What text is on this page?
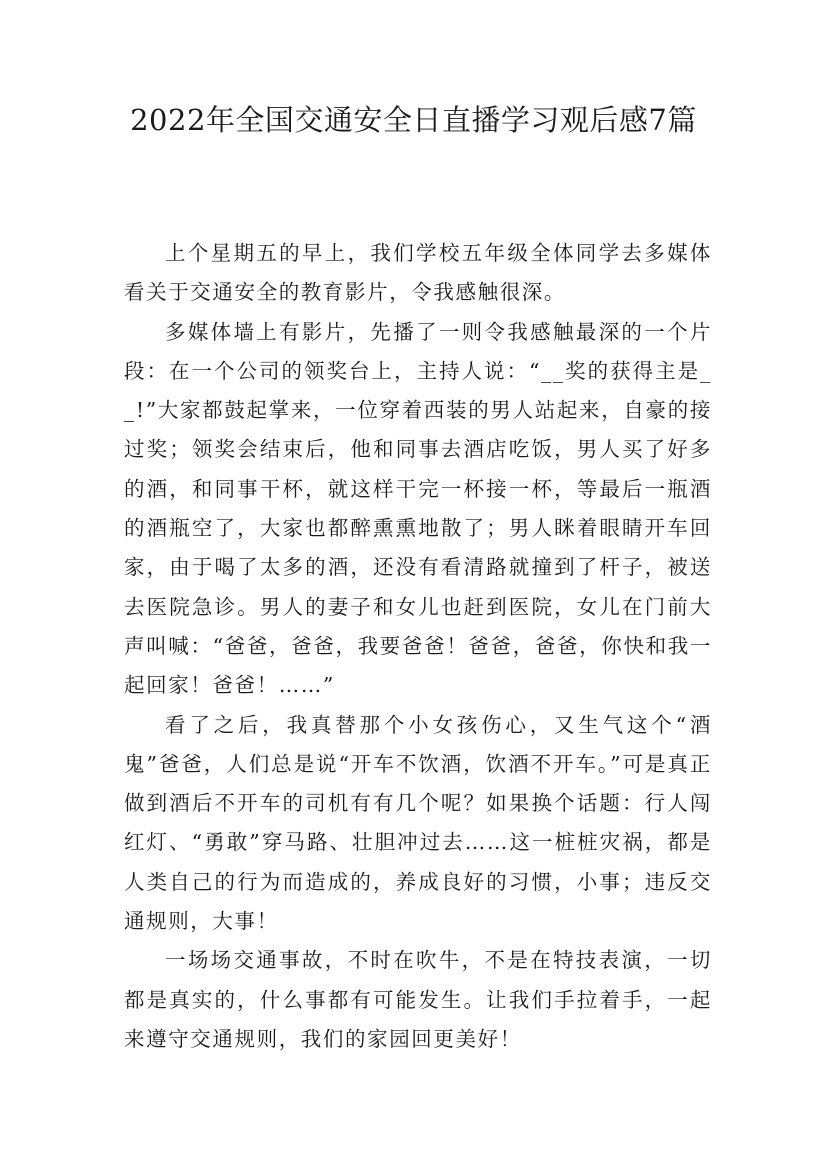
2022年全国交通安全日直播学习观后感7篇

上个星期五的早上，我们学校五年级全体同学去多媒体看关于交通安全的教育影片，令我感触很深。

多媒体墙上有影片，先播了一则令我感触最深的一个片段：在一个公司的领奖台上，主持人说：“__奖的获得主是__!”大家都鼓起掌来，一位穿着西装的男人站起来，自豪的接过奖；领奖会结束后，他和同事去酒店吃饭，男人买了好多的酒，和同事干杯，就这样干完一杯接一杯，等最后一瓶酒的酒瓶空了，大家也都醉熏熏地散了；男人眯着眼睛开车回家，由于喝了太多的酒，还没有看清路就撞到了杆子，被送去医院急诊。男人的妻子和女儿也赶到医院，女儿在门前大声叫喊：“爸爸，爸爸，我要爸爸！爸爸，爸爸，你快和我一起回家！爸爸！……”

看了之后，我真替那个小女孩伤心，又生气这个“酒鬼”爸爸，人们总是说“开车不饮酒，饮酒不开车。”可是真正做到酒后不开车的司机有有几个呢？如果换个话题：行人闯红灯、“勇敢”穿马路、壮胆冲过去……这一桩桩灾祸，都是人类自己的行为而造成的，养成良好的习惯，小事；违反交通规则，大事！

一场场交通事故，不时在吹牛，不是在特技表演，一切都是真实的，什么事都有可能发生。让我们手拉着手，一起来遵守交通规则，我们的家园回更美好！
